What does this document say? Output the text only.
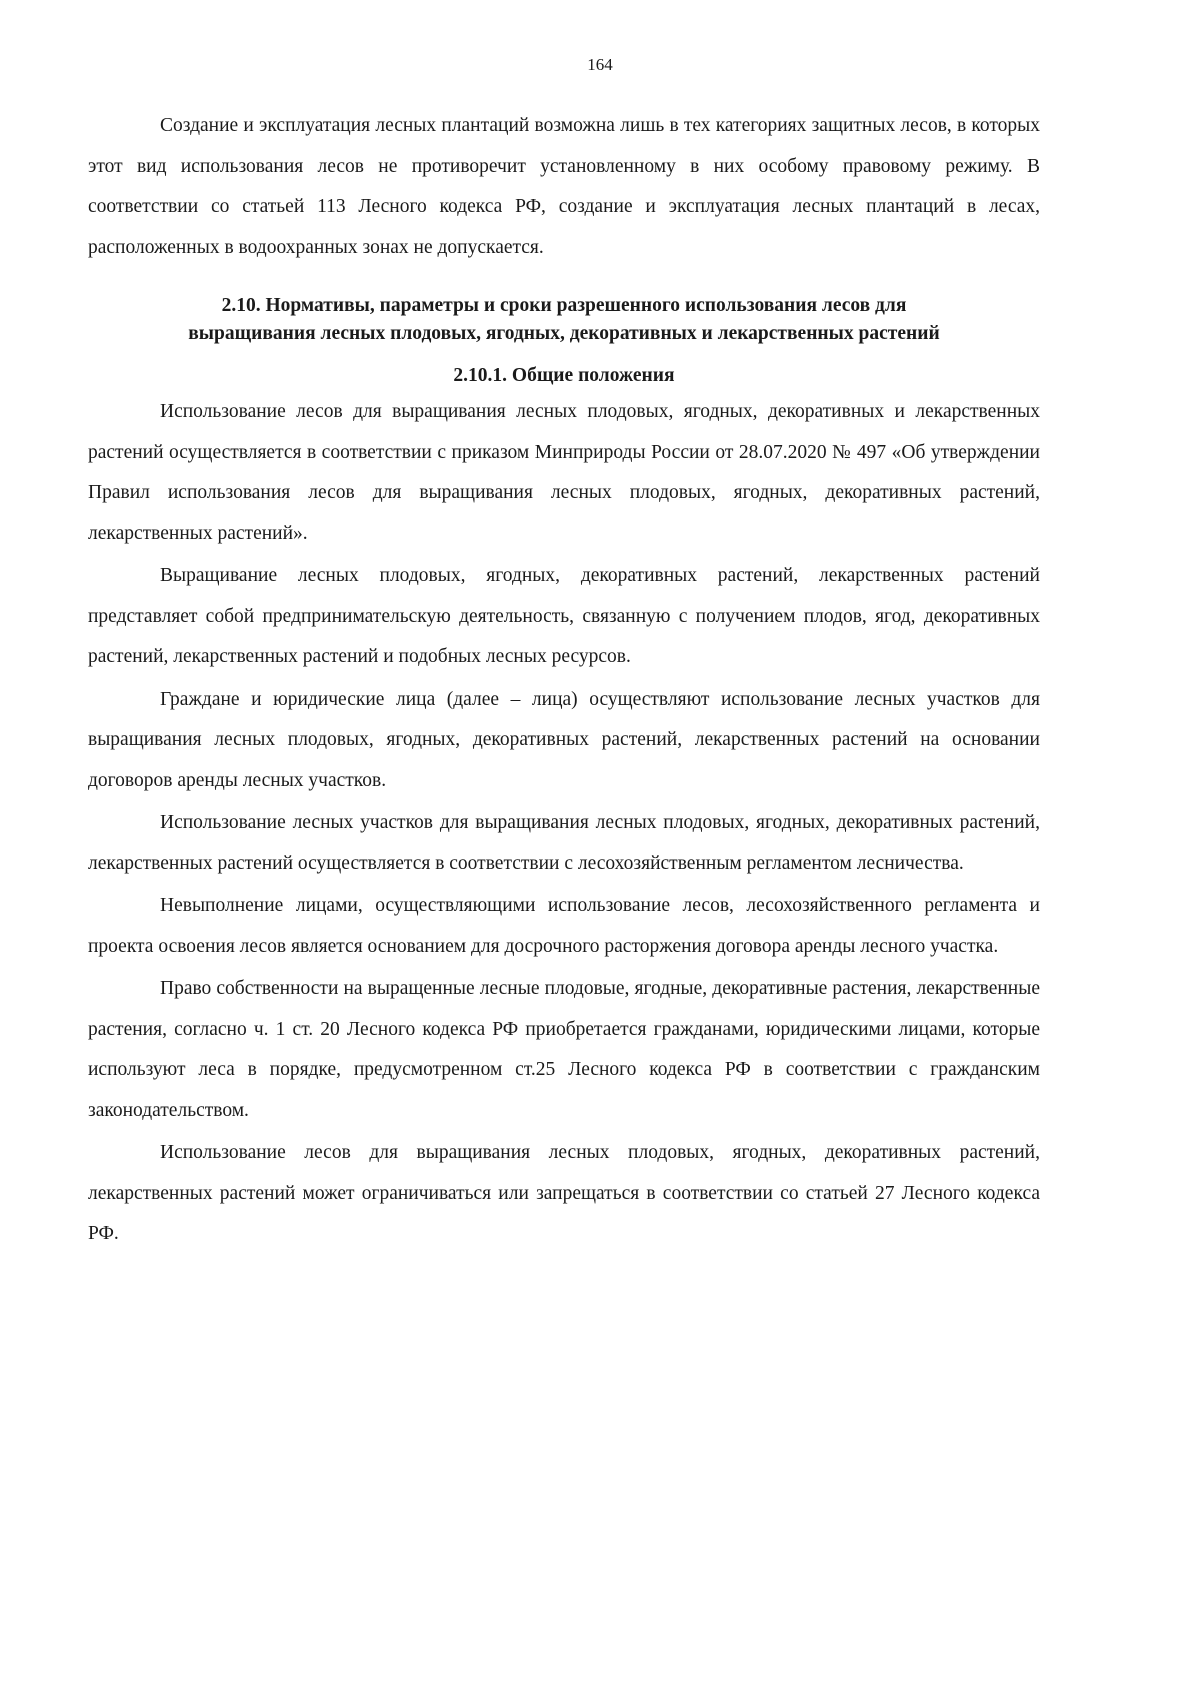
164

Создание и эксплуатация лесных плантаций возможна лишь в тех категориях защитных лесов, в которых этот вид использования лесов не противоречит установленному в них особому правовому режиму. В соответствии со статьей 113 Лесного кодекса РФ, создание и эксплуатация лесных плантаций в лесах, расположенных в водоохранных зонах не допускается.

2.10. Нормативы, параметры и сроки разрешенного использования лесов для
выращивания лесных плодовых, ягодных, декоративных и лекарственных растений
2.10.1. Общие положения

Использование лесов для выращивания лесных плодовых, ягодных, декоративных и лекарственных растений осуществляется в соответствии с приказом Минприроды России от 28.07.2020 № 497 «Об утверждении Правил использования лесов для выращивания лесных плодовых, ягодных, декоративных растений, лекарственных растений».

Выращивание лесных плодовых, ягодных, декоративных растений, лекарственных растений представляет собой предпринимательскую деятельность, связанную с получением плодов, ягод, декоративных растений, лекарственных растений и подобных лесных ресурсов.

Граждане и юридические лица (далее – лица) осуществляют использование лесных участков для выращивания лесных плодовых, ягодных, декоративных растений, лекарственных растений на основании договоров аренды лесных участков.

Использование лесных участков для выращивания лесных плодовых, ягодных, декоративных растений, лекарственных растений осуществляется в соответствии с лесохозяйственным регламентом лесничества.

Невыполнение лицами, осуществляющими использование лесов, лесохозяйственного регламента и проекта освоения лесов является основанием для досрочного расторжения договора аренды лесного участка.

Право собственности на выращенные лесные плодовые, ягодные, декоративные растения, лекарственные растения, согласно ч. 1 ст. 20 Лесного кодекса РФ приобретается гражданами, юридическими лицами, которые используют леса в порядке, предусмотренном ст.25 Лесного кодекса РФ в соответствии с гражданским законодательством.

Использование лесов для выращивания лесных плодовых, ягодных, декоративных растений, лекарственных растений может ограничиваться или запрещаться в соответствии со статьей 27 Лесного кодекса РФ.
